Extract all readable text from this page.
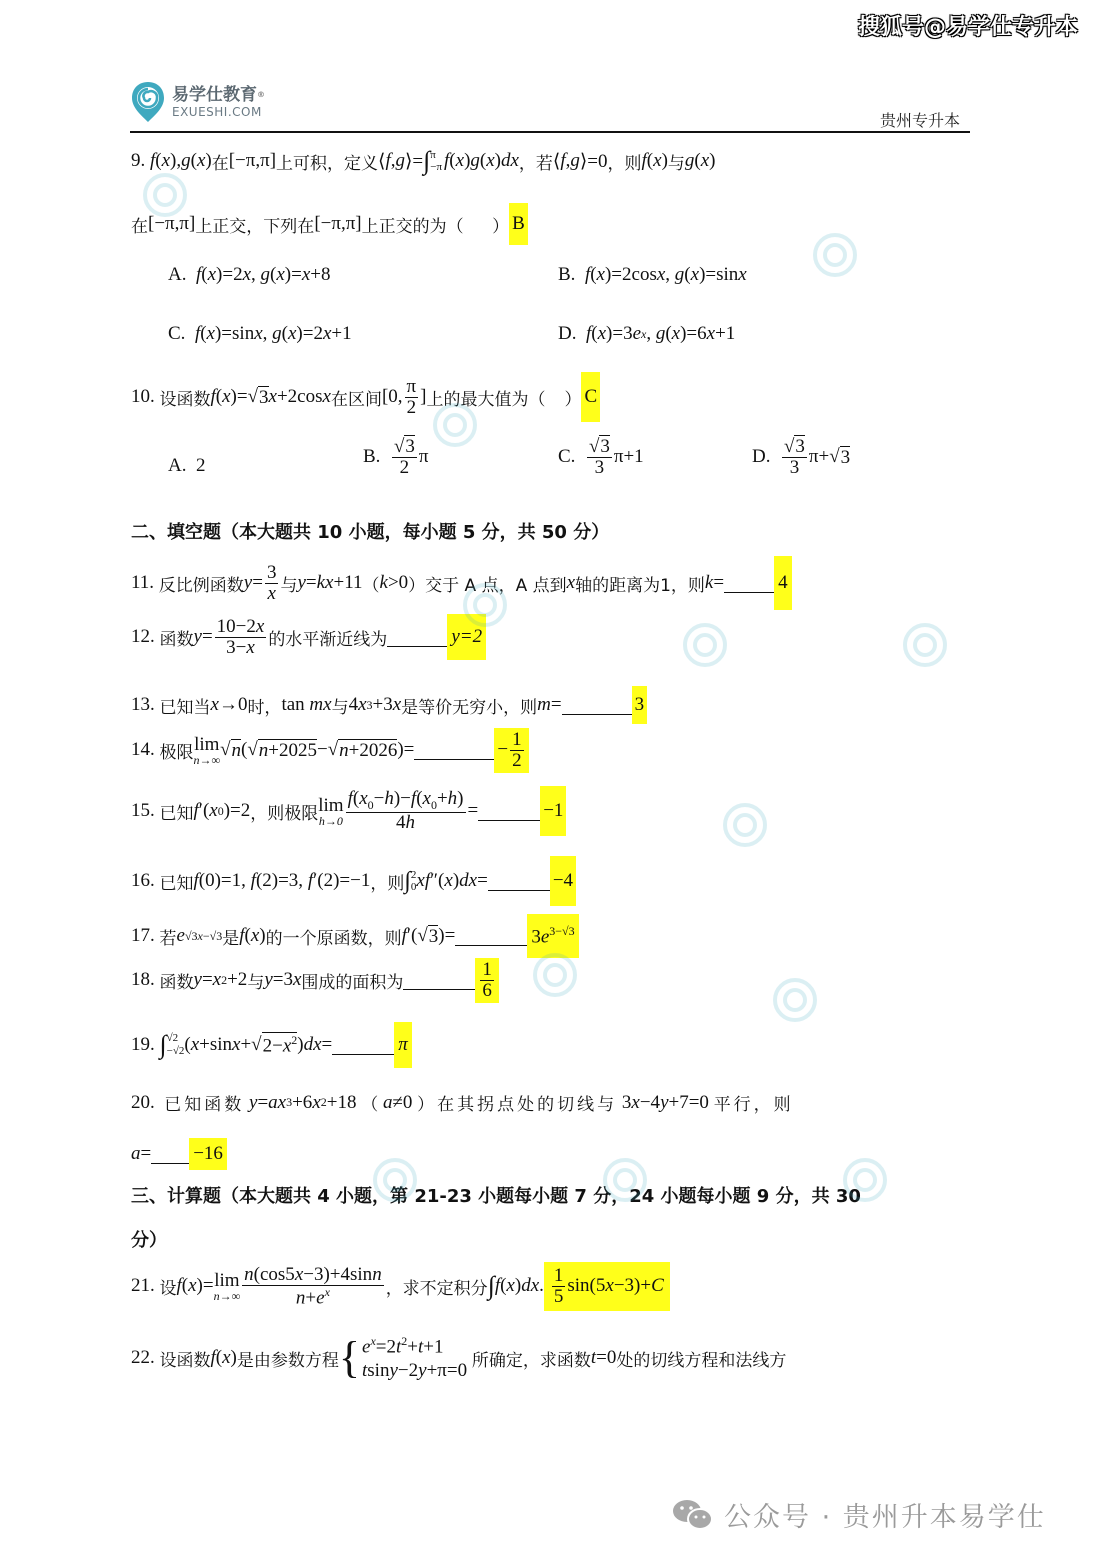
搜狐号@易学仕专升本
易学仕教育®
EXUESHI.COM	贵州专升本
9.
f ( x ), g ( x ) 在 [−π,π] 上可积，定义 ⟨ f , g ⟩= ∫ π
−π f ( x ) g ( x ) dx ，若 ⟨ f , g ⟩=0 ，则 f ( x ) 与 g ( x )
在 [−π,π] 上正交，下列在 [−π,π] 上正交的为（
） B
A.
f ( x )=2 x , g ( x )= x +8	B.
f ( x )=2cos x , g ( x )=sin x
C.
f ( x )=sin x , g ( x )=2 x +1	D.
f ( x )=3 e x , g ( x )=6 x +1
10.
设函数 f ( x )=√ 3 x +2cos x 在区间 [0, $\frac{\pi}{2}$ ] 上的最大值为（
） C
A. 2	B.
$\frac{√3}{2}$ π	C.
$\frac{√3}{3} \pi+1$	D.
$\frac{√3}{3} \pi+√$ 3
二、填空题（本大题共 10 小题，每小题 5 分，共 50 分）
11.
反比例函数 $y = \frac{3}{x}$ 与 y = kx +11 （ k >0 ）交于 A 点，A 点到 x 轴的距离为1，则 k =	4
12.
函数 $y = \frac{10-2x}{3-x}$ 的水平渐近线为	y=2
13.
已知当 x →0 时， tan mx 与 4 x 3 +3 x 是等价无穷小，则 m =	3
14.
极限 lim
n→∞ √ n (√ n+2025 −√ n+2026 )=	− $\frac{1}{2}$
15.
已知 f ′( x 0 )=2 ，则极限 lim
$h\to 0 \frac{f(x_0-h)-f(x_0+h)}{4h}$ =	−1
16.
已知 f (0)=1, f (2)=3, f ′(2)=−1 ，则 ∫ 2
0 xf ″( x ) dx =	−4
17.
若 e √3x−√3 是 f ( x ) 的一个原函数，则 f ′(√ 3 )=	$3e^{3-√3}$
18.
函数 y = x 2 +2 与 y =3 x 围成的面积为	$\frac{1}{6}$
19.
∫ √2
−√2 ( x +sin x +√ $2-x^2$ ) dx =	π
20.
已知函数
y = ax 3 +6 x 2 +18 （
a ≠0 ）在其拐点处的切线与 3 x −4 y +7=0 平行，则
a = −16
三、计算题（本大题共 4 小题，第 21-23 小题每小题 7 分，24 小题每小题 9 分，共 30
分）
21.
设 f ( x )= lim
$n\to\infty \frac{n(\cos 5x-3)+4\sin n}{n+e^x}$ ，求不定积分 ∫ f ( x ) dx . $\frac{1}{5} \sin(5$ x −3)+ C
22.
设函数 f ( x ) 是由参数方程 { $e^x=2t^2+t+1$
tsiny−2y+π=0
所确定，求函数 t =0 处的切线方程和法线方
公众号 · 贵州升本易学仕
